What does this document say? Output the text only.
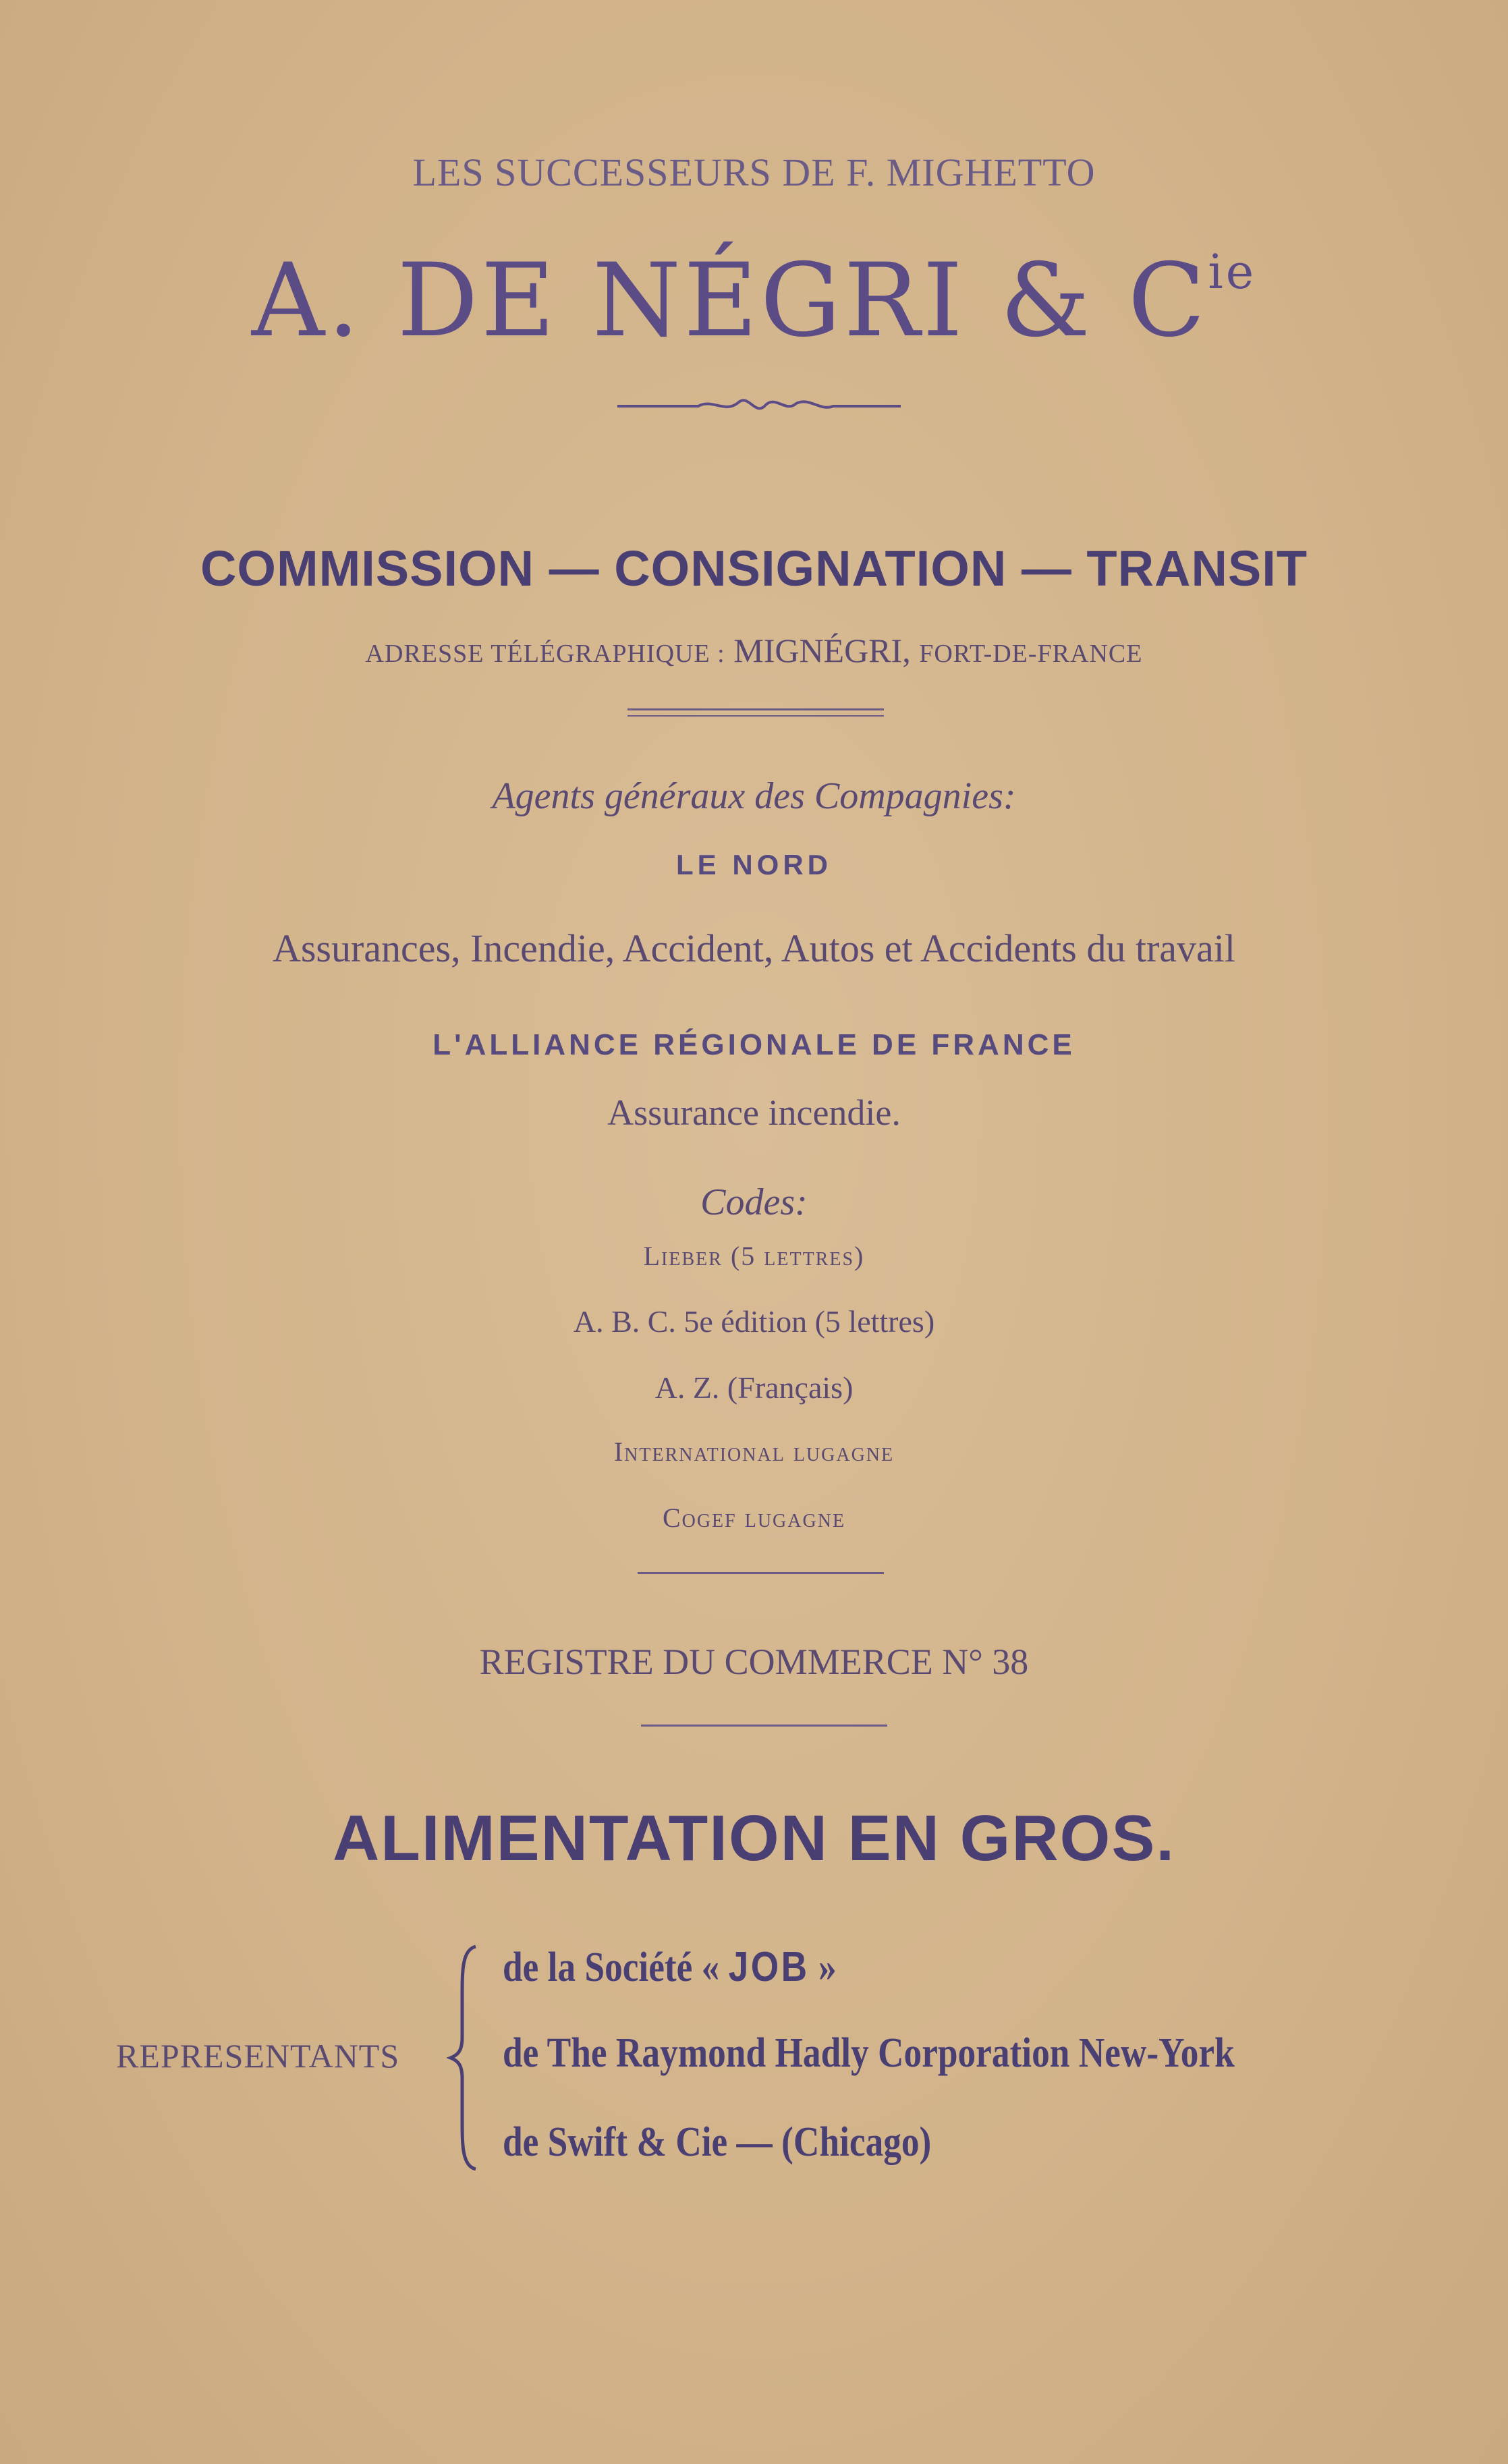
LES SUCCESSEURS DE F. MIGHETTO
A. DE NÉGRI & $C^{ie}$
COMMISSION — CONSIGNATION — TRANSIT
ADRESSE TÉLÉGRAPHIQUE : MIGNÉGRI, FORT-DE-FRANCE
Agents généraux des Compagnies:
LE NORD
Assurances, Incendie, Accident, Autos et Accidents du travail
L'ALLIANCE RÉGIONALE DE FRANCE
Assurance incendie.
Codes:
Lieber (5 lettres)
A. B. C. 5e édition (5 lettres)
A. Z. (Français)
International lugagne
Cogef lugagne
REGISTRE DU COMMERCE N° 38
ALIMENTATION EN GROS.
REPRESENTANTS
de la Société « JOB »
de The Raymond Hadly Corporation New-York
de Swift & Cie — (Chicago)
